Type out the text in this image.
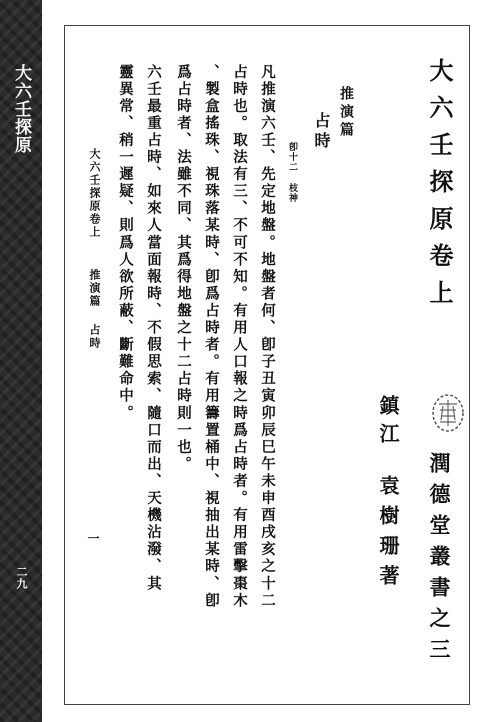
大六壬探原
二九
大六壬探原卷上
潤德堂叢書之三
鎮江
袁樹珊著
推演篇
占時
卽十二 枝神
凡推演六壬、先定地盤。地盤者何、卽子丑寅卯辰巳午未申酉戌亥之十二
占時也。取法有三、不可不知。有用人口報之時爲占時者。有用雷擊棗木
、製盒搖珠、視珠落某時、卽爲占時者。有用籌置桶中、視抽出某時、卽
爲占時者、法雖不同、其爲得地盤之十二占時則一也。
六壬最重占時、如來人當面報時、不假思索、隨口而出、天機沾潑、其
靈異常、稍一遲疑、則爲人欲所蔽、斷難命中。
大六壬探原卷上推演篇占時
一
